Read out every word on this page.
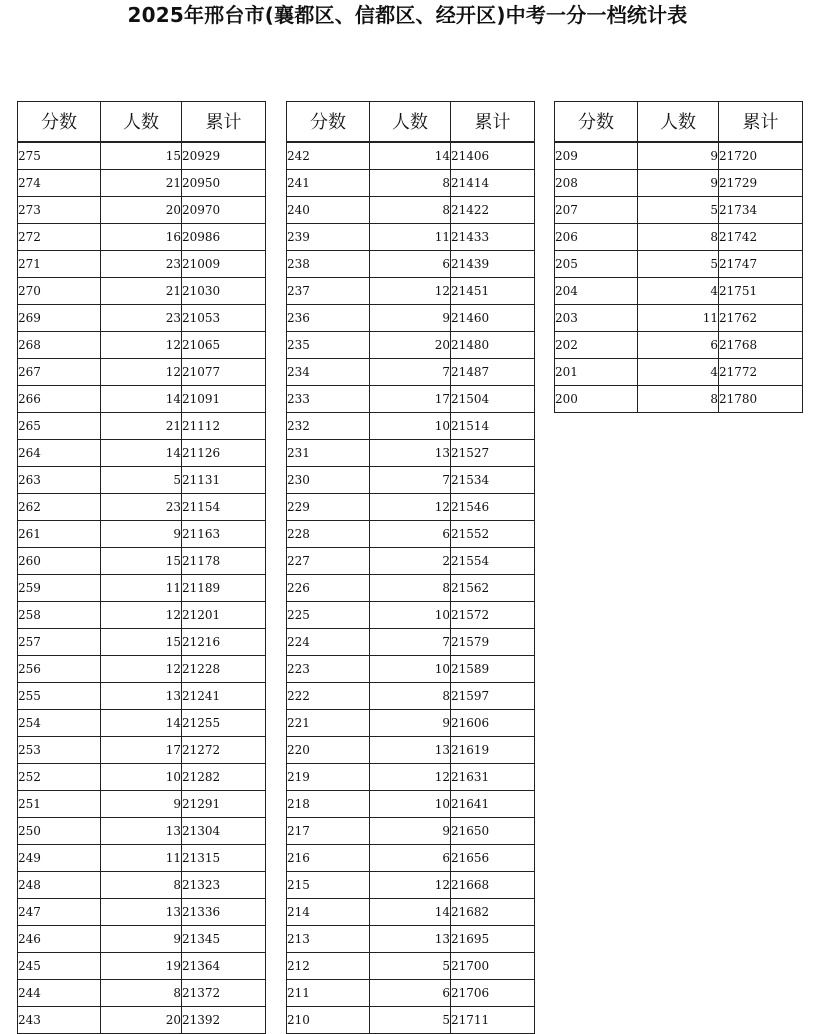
2025年邢台市(襄都区、信都区、经开区)中考一分一档统计表
分数	人数	累计
275	15	20929
274	21	20950
273	20	20970
272	16	20986
271	23	21009
270	21	21030
269	23	21053
268	12	21065
267	12	21077
266	14	21091
265	21	21112
264	14	21126
263	5	21131
262	23	21154
261	9	21163
260	15	21178
259	11	21189
258	12	21201
257	15	21216
256	12	21228
255	13	21241
254	14	21255
253	17	21272
252	10	21282
251	9	21291
250	13	21304
249	11	21315
248	8	21323
247	13	21336
246	9	21345
245	19	21364
244	8	21372
243	20	21392
分数	人数	累计
242	14	21406
241	8	21414
240	8	21422
239	11	21433
238	6	21439
237	12	21451
236	9	21460
235	20	21480
234	7	21487
233	17	21504
232	10	21514
231	13	21527
230	7	21534
229	12	21546
228	6	21552
227	2	21554
226	8	21562
225	10	21572
224	7	21579
223	10	21589
222	8	21597
221	9	21606
220	13	21619
219	12	21631
218	10	21641
217	9	21650
216	6	21656
215	12	21668
214	14	21682
213	13	21695
212	5	21700
211	6	21706
210	5	21711
分数	人数	累计
209	9	21720
208	9	21729
207	5	21734
206	8	21742
205	5	21747
204	4	21751
203	11	21762
202	6	21768
201	4	21772
200	8	21780
